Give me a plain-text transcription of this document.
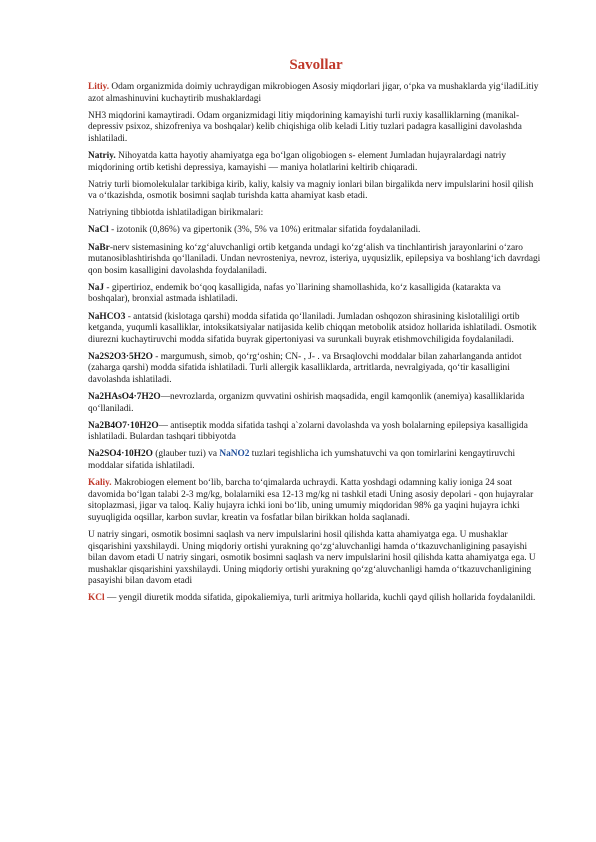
Savollar

Litiy. Odam organizmida doimiy uchraydigan mikrobiogen Asosiy miqdorlari jigar, o‘pka va mushaklarda yig‘iladiLitiy azot almashinuvini kuchaytirib mushaklardagi

NH3 miqdorini kamaytiradi. Odam organizmidagi litiy miqdorining kamayishi turli ruxiy kasalliklarning (manikal-depressiv psixoz, shizofreniya va boshqalar) kelib chiqishiga olib keladi Litiy tuzlari padagra kasalligini davolashda ishlatiladi.

Natriy. Nihoyatda katta hayotiy ahamiyatga ega bo‘lgan oligobiogen s- element Jumladan hujayralardagi natriy miqdorining ortib ketishi depressiya, kamayishi — maniya holatlarini keltirib chiqaradi.

Natriy turli biomolekulalar tarkibiga kirib, kaliy, kalsiy va magniy ionlari bilan birgalikda nerv impulslarini hosil qilish va o‘tkazishda, osmotik bosimni saqlab turishda katta ahamiyat kasb etadi.

Natriyning tibbiotda ishlatiladigan birikmalari:

NaCl - izotonik (0,86%) va gipertonik (3%, 5% va 10%) eritmalar sifatida foydalaniladi.

NaBr-nerv sistemasining ko‘zg‘aluvchanligi ortib ketganda undagi ko‘zg‘alish va tinchlantirish jarayonlarini o‘zaro mutanosiblashtirishda qo‘llaniladi. Undan nevrosteniya, nevroz, isteriya, uyqusizlik, epilepsiya va boshlang‘ich davrdagi qon bosim kasalligini davolashda foydalaniladi.

NaJ - gipertirioz, endemik bo‘qoq kasalligida, nafas yo`llarining shamollashida, ko‘z kasalligida (katarakta va boshqalar), bronxial astmada ishlatiladi.

NaHCO3 - antatsid (kislotaga qarshi) modda sifatida qo‘llaniladi. Jumladan oshqozon shirasining kislotaliligi ortib ketganda, yuqumli kasalliklar, intoksikatsiyalar natijasida kelib chiqqan metobolik atsidoz hollarida ishlatiladi. Osmotik diurezni kuchaytiruvchi modda sifatida buyrak gipertoniyasi va surunkali buyrak etishmovchiligida foydalaniladi.

Na2S2O3·5H2O - margumush, simob, qo‘rg‘oshin; CN- , J- . va Brsaqlovchi moddalar bilan zaharlanganda antidot (zaharga qarshi) modda sifatida ishlatiladi. Turli allergik kasalliklarda, artritlarda, nevralgiyada, qo‘tir kasalligini davolashda ishlatiladi.

Na2HAsO4·7H2O—nevrozlarda, organizm quvvatini oshirish maqsadida, engil kamqonlik (anemiya) kasalliklarida qo‘llaniladi.

Na2B4O7·10H2O— antiseptik modda sifatida tashqi a`zolarni davolashda va yosh bolalarning epilepsiya kasalligida ishlatiladi. Bulardan tashqari tibbiyotda

Na2SO4·10H2O (glauber tuzi) va NaNO2 tuzlari tegishlicha ich yumshatuvchi va qon tomirlarini kengaytiruvchi moddalar sifatida ishlatiladi.

Kaliy. Makrobiogen element bo‘lib, barcha to‘qimalarda uchraydi. Katta yoshdagi odamning kaliy ioniga 24 soat davomida bo‘lgan talabi 2-3 mg/kg, bolalarniki esa 12-13 mg/kg ni tashkil etadi Uning asosiy depolari - qon hujayralar sitoplazmasi, jigar va taloq. Kaliy hujayra ichki ioni bo‘lib, uning umumiy miqdoridan 98% ga yaqini hujayra ichki suyuqligida oqsillar, karbon suvlar, kreatin va fosfatlar bilan birikkan holda saqlanadi.

U natriy singari, osmotik bosimni saqlash va nerv impulslarini hosil qilishda katta ahamiyatga ega. U mushaklar qisqarishini yaxshilaydi. Uning miqdoriy ortishi yurakning qo‘zg‘aluvchanligi hamda o‘tkazuvchanligining pasayishi bilan davom etadi U natriy singari, osmotik bosimni saqlash va nerv impulslarini hosil qilishda katta ahamiyatga ega. U mushaklar qisqarishini yaxshilaydi. Uning miqdoriy ortishi yurakning qo‘zg‘aluvchanligi hamda o‘tkazuvchanligining pasayishi bilan davom etadi

KCl — yengil diuretik modda sifatida, gipokaliemiya, turli aritmiya hollarida, kuchli qayd qilish hollarida foydalanildi.
